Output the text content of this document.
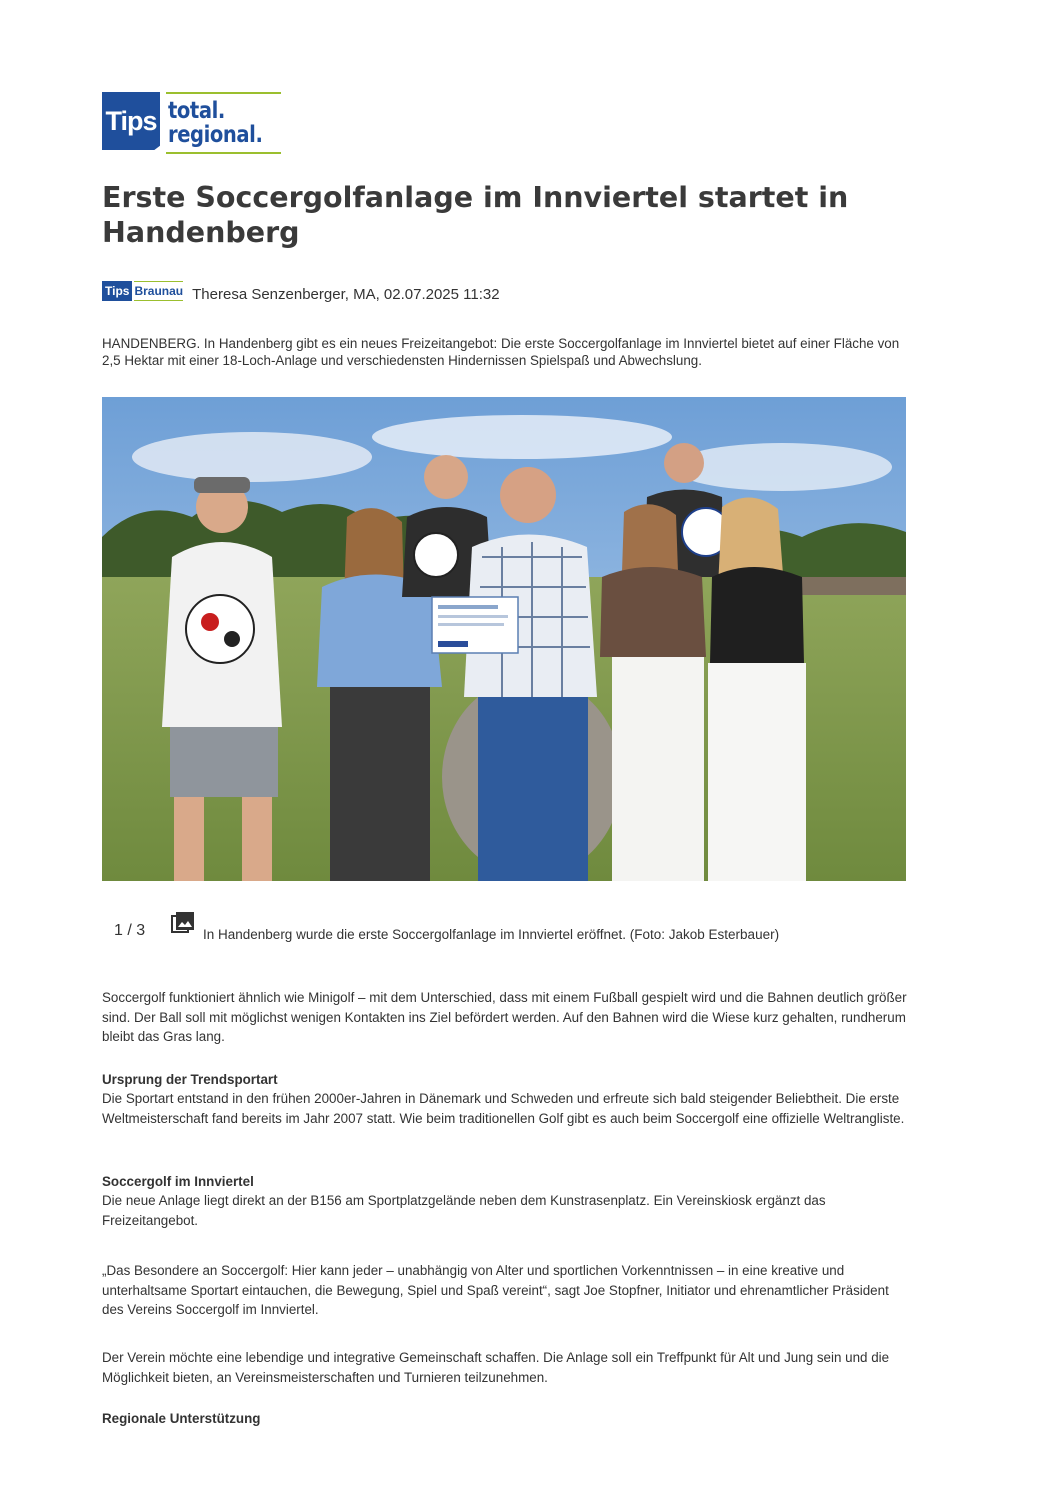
Tips total.
regional.
Erste Soccergolfanlage im Innviertel startet in Handenberg
Tips Braunau Theresa Senzenberger, MA, 02.07.2025 11:32

HANDENBERG. In Handenberg gibt es ein neues Freizeitangebot: Die erste Soccergolfanlage im Innviertel bietet auf einer Fläche von 2,5 Hektar mit einer 18-Loch-Anlage und verschiedensten Hindernissen Spielspaß und Abwechslung.

1 / 3	In Handenberg wurde die erste Soccergolfanlage im Innviertel eröffnet. (Foto: Jakob Esterbauer)

Soccergolf funktioniert ähnlich wie Minigolf – mit dem Unterschied, dass mit einem Fußball gespielt wird und die Bahnen deutlich größer sind. Der Ball soll mit möglichst wenigen Kontakten ins Ziel befördert werden. Auf den Bahnen wird die Wiese kurz gehalten, rundherum bleibt das Gras lang.

Ursprung der Trendsportart

Die Sportart entstand in den frühen 2000er-Jahren in Dänemark und Schweden und erfreute sich bald steigender Beliebtheit. Die erste Weltmeisterschaft fand bereits im Jahr 2007 statt. Wie beim traditionellen Golf gibt es auch beim Soccergolf eine offizielle Weltrangliste.

Soccergolf im Innviertel

Die neue Anlage liegt direkt an der B156 am Sportplatzgelände neben dem Kunstrasenplatz. Ein Vereinskiosk ergänzt das Freizeitangebot.

„Das Besondere an Soccergolf: Hier kann jeder – unabhängig von Alter und sportlichen Vorkenntnissen – in eine kreative und unterhaltsame Sportart eintauchen, die Bewegung, Spiel und Spaß vereint“, sagt Joe Stopfner, Initiator und ehrenamtlicher Präsident des Vereins Soccergolf im Innviertel.

Der Verein möchte eine lebendige und integrative Gemeinschaft schaffen. Die Anlage soll ein Treffpunkt für Alt und Jung sein und die Möglichkeit bieten, an Vereinsmeisterschaften und Turnieren teilzunehmen.

Regionale Unterstützung
